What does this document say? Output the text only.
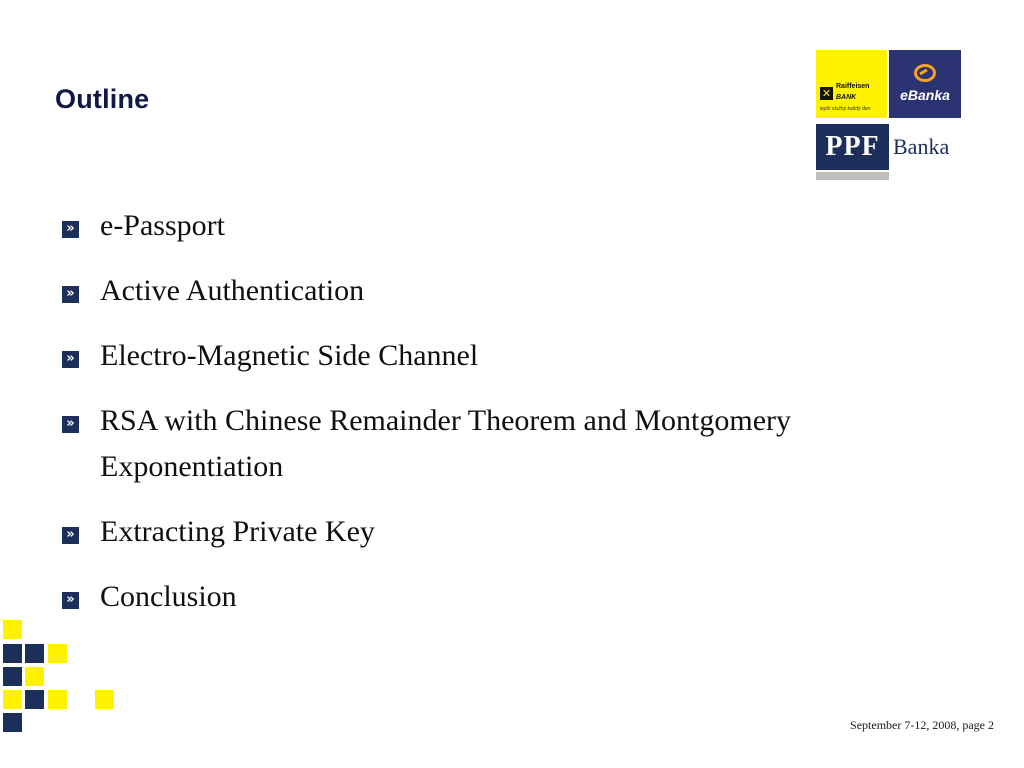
Outline	✕
Raiffeisen
BANK
lepší služby každý den
eBanka
PPF Banka
» e-Passport
» Active Authentication
» Electro-Magnetic Side Channel
» RSA with Chinese Remainder Theorem and Montgomery Exponentiation
» Extracting Private Key
» Conclusion
September 7-12, 2008, page 2
